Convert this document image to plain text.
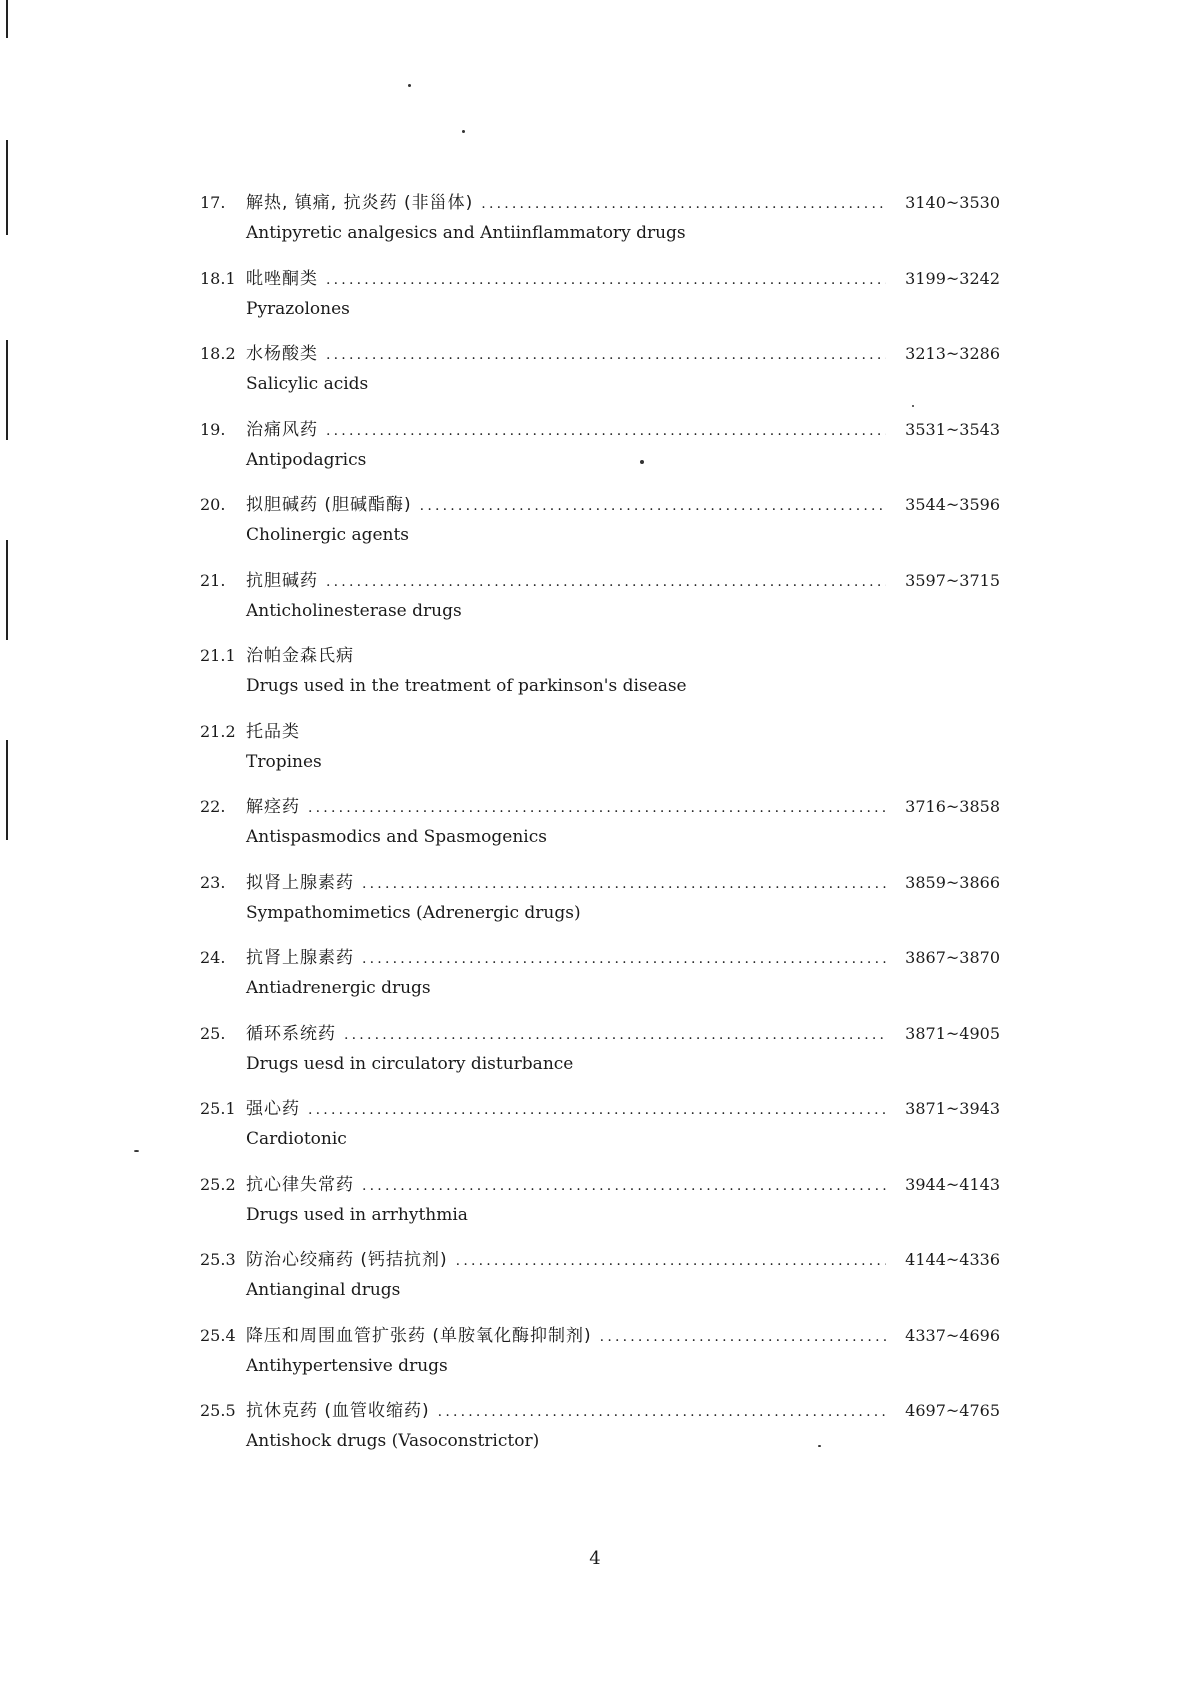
17.	解热, 镇痛, 抗炎药 (非甾体) .....	3140~3530
Antipyretic analgesics and Antiinflammatory drugs
18.1 吡唑酮类 .....	3199~3242
Pyrazolones
18.2 水杨酸类 .....	3213~3286
Salicylic acids
19.	治痛风药 .....	3531~3543
Antipodagrics
20.	拟胆碱药 (胆碱酯酶) .....	3544~3596
Cholinergic agents
21.	抗胆碱药 .....	3597~3715
Anticholinesterase drugs
21.1 治帕金森氏病
Drugs used in the treatment of parkinson's disease
21.2 托品类
Tropines
22.	解痉药 .....	3716~3858
Antispasmodics and Spasmogenics
23.	拟肾上腺素药 .....	3859~3866
Sympathomimetics (Adrenergic drugs)
24.	抗肾上腺素药 .....	3867~3870
Antiadrenergic drugs
25.	循环系统药 .....	3871~4905
Drugs uesd in circulatory disturbance
25.1 强心药 .....	3871~3943
Cardiotonic
25.2 抗心律失常药 .....	3944~4143
Drugs used in arrhythmia
25.3 防治心绞痛药 (钙拮抗剂) .....	4144~4336
Antianginal drugs
25.4 降压和周围血管扩张药 (单胺氧化酶抑制剂) .....	4337~4696
Antihypertensive drugs
25.5 抗休克药 (血管收缩药) .....	4697~4765
Antishock drugs (Vasoconstrictor)
4
